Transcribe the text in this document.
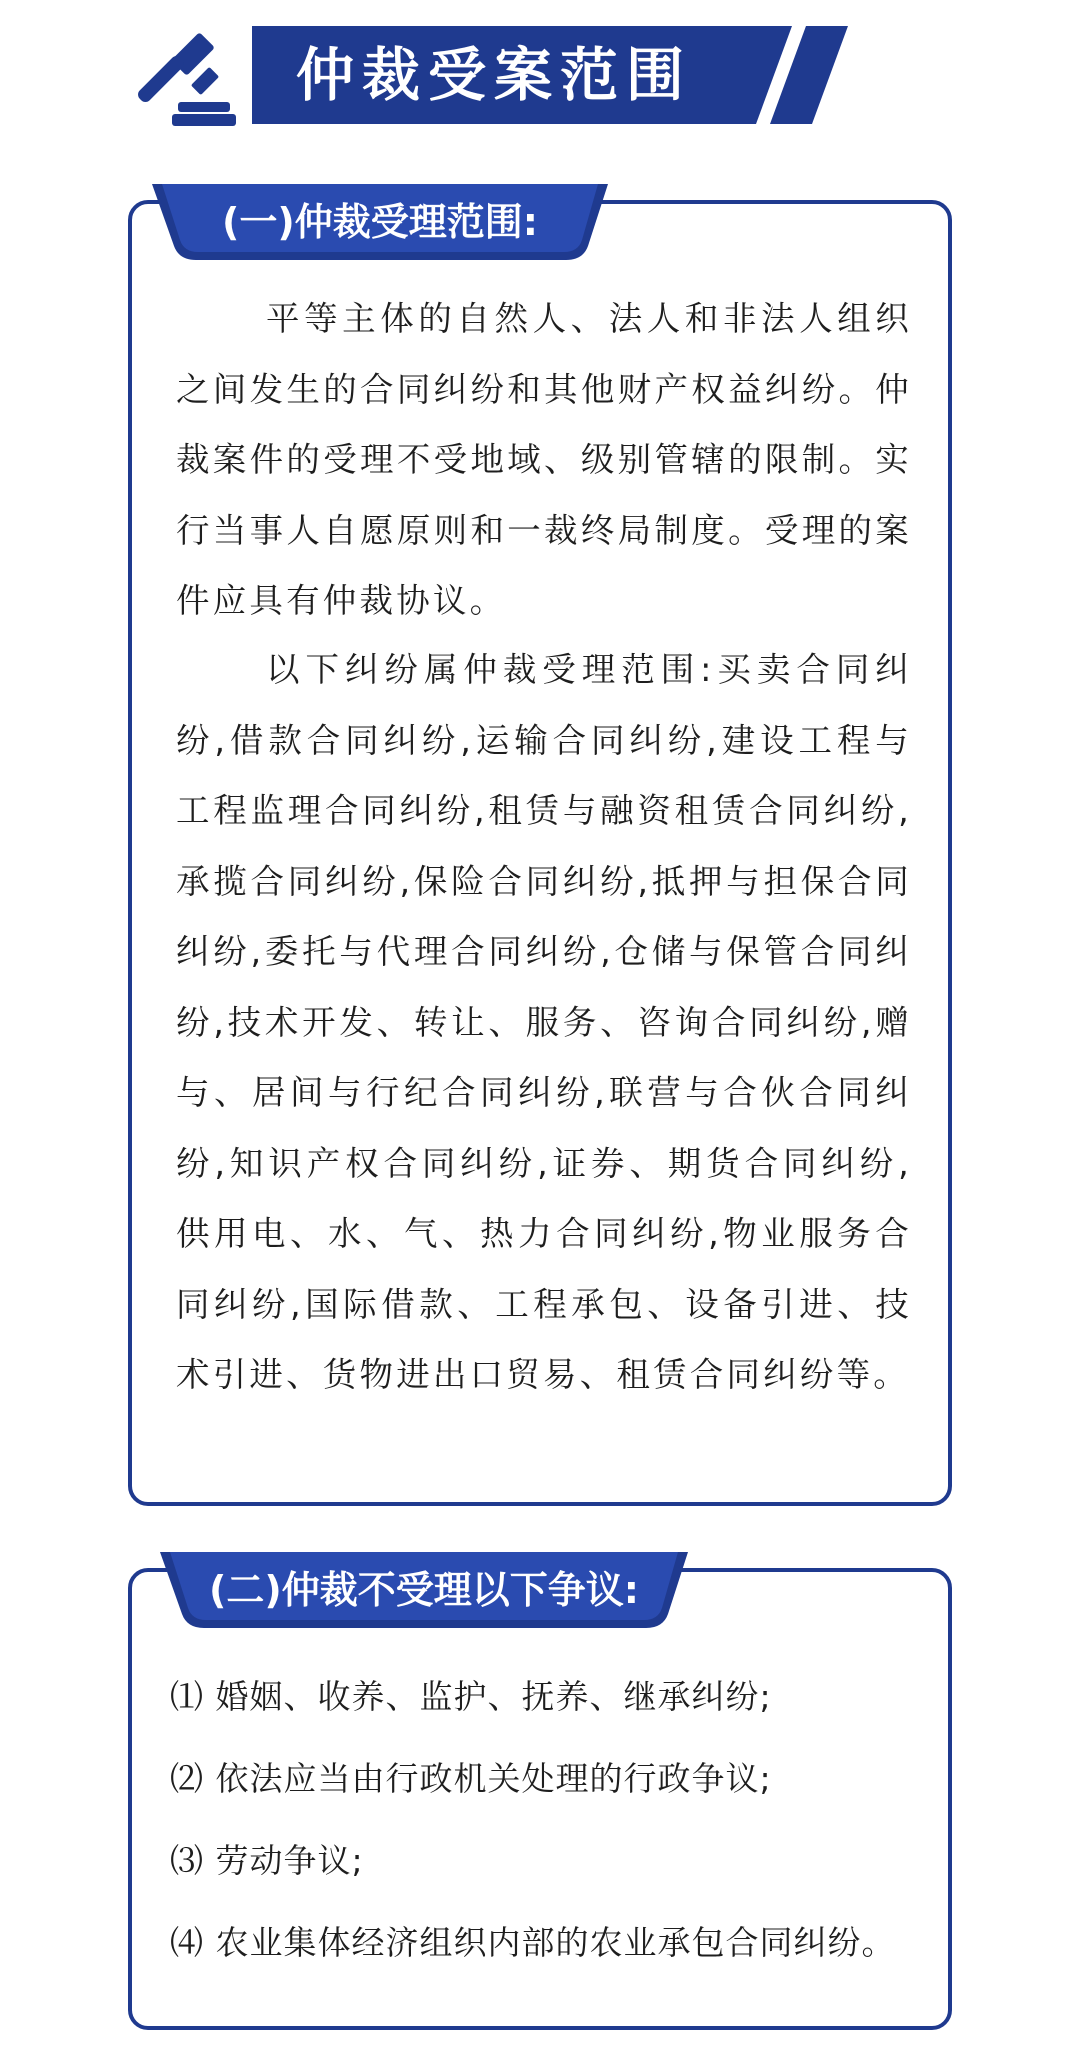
仲裁受案范围
(一)仲裁受理范围:

平等主体的自然人、法人和非法人组织之间发生的合同纠纷和其他财产权益纠纷。仲裁案件的受理不受地域、级别管辖的限制。实行当事人自愿原则和一裁终局制度。受理的案件应具有仲裁协议。

以下纠纷属仲裁受理范围:买卖合同纠纷,借款合同纠纷,运输合同纠纷,建设工程与工程监理合同纠纷,租赁与融资租赁合同纠纷,承揽合同纠纷,保险合同纠纷,抵押与担保合同纠纷,委托与代理合同纠纷,仓储与保管合同纠纷,技术开发、转让、服务、咨询合同纠纷,赠与、居间与行纪合同纠纷,联营与合伙合同纠纷,知识产权合同纠纷,证券、期货合同纠纷,供用电、水、气、热力合同纠纷,物业服务合同纠纷,国际借款、工程承包、设备引进、技术引进、货物进出口贸易、租赁合同纠纷等。

(二)仲裁不受理以下争议:
⑴ 婚姻、收养、监护、抚养、继承纠纷;
⑵ 依法应当由行政机关处理的行政争议;
⑶ 劳动争议;
⑷ 农业集体经济组织内部的农业承包合同纠纷。
